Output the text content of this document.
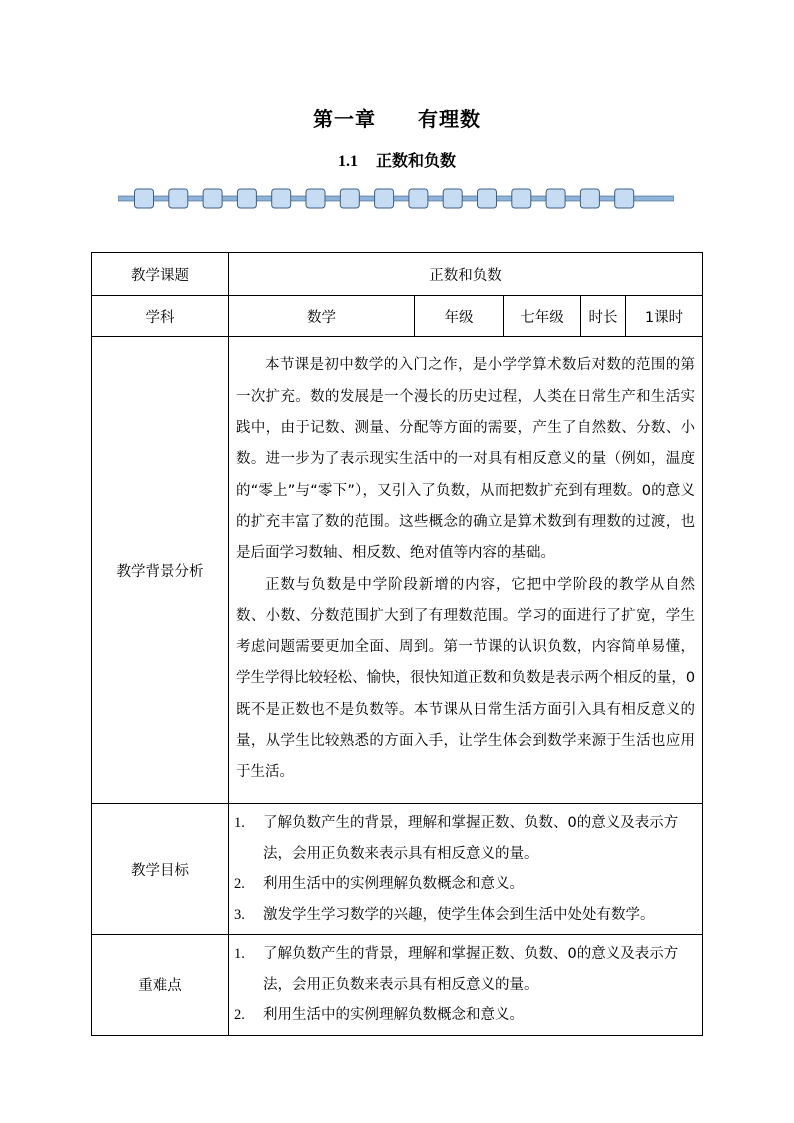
第一章 有理数
1.1 正数和负数
教学课题	正数和负数				
学科	数学	年级	七年级	时长	1课时
教学背景分析	本节课是初中数学的入门之作，是小学学算术数后对数的范围的第一次扩充。数的发展是一个漫长的历史过程，人类在日常生产和生活实践中，由于记数、测量、分配等方面的需要，产生了自然数、分数、小数。进一步为了表示现实生活中的一对具有相反意义的量（例如，温度的“零上”与“零下”），又引入了负数，从而把数扩充到有理数。0的意义的扩充丰富了数的范围。这些概念的确立是算术数到有理数的过渡，也是后面学习数轴、相反数、绝对值等内容的基础。

正数与负数是中学阶段新增的内容，它把中学阶段的教学从自然数、小数、分数范围扩大到了有理数范围。学习的面进行了扩宽，学生考虑问题需要更加全面、周到。第一节课的认识负数，内容简单易懂，学生学得比较轻松、愉快，很快知道正数和负数是表示两个相反的量，0既不是正数也不是负数等。本节课从日常生活方面引入具有相反意义的量，从学生比较熟悉的方面入手，让学生体会到数学来源于生活也应用于生活。				

教学目标	1. 了解负数产生的背景，理解和掌握正数、负数、0的意义及表示方法，会用正负数来表示具有相反意义的量。
2. 利用生活中的实例理解负数概念和意义。
3. 激发学生学习数学的兴趣，使学生体会到生活中处处有数学。				

重难点	1. 了解负数产生的背景，理解和掌握正数、负数、0的意义及表示方法，会用正负数来表示具有相反意义的量。
2. 利用生活中的实例理解负数概念和意义。				
